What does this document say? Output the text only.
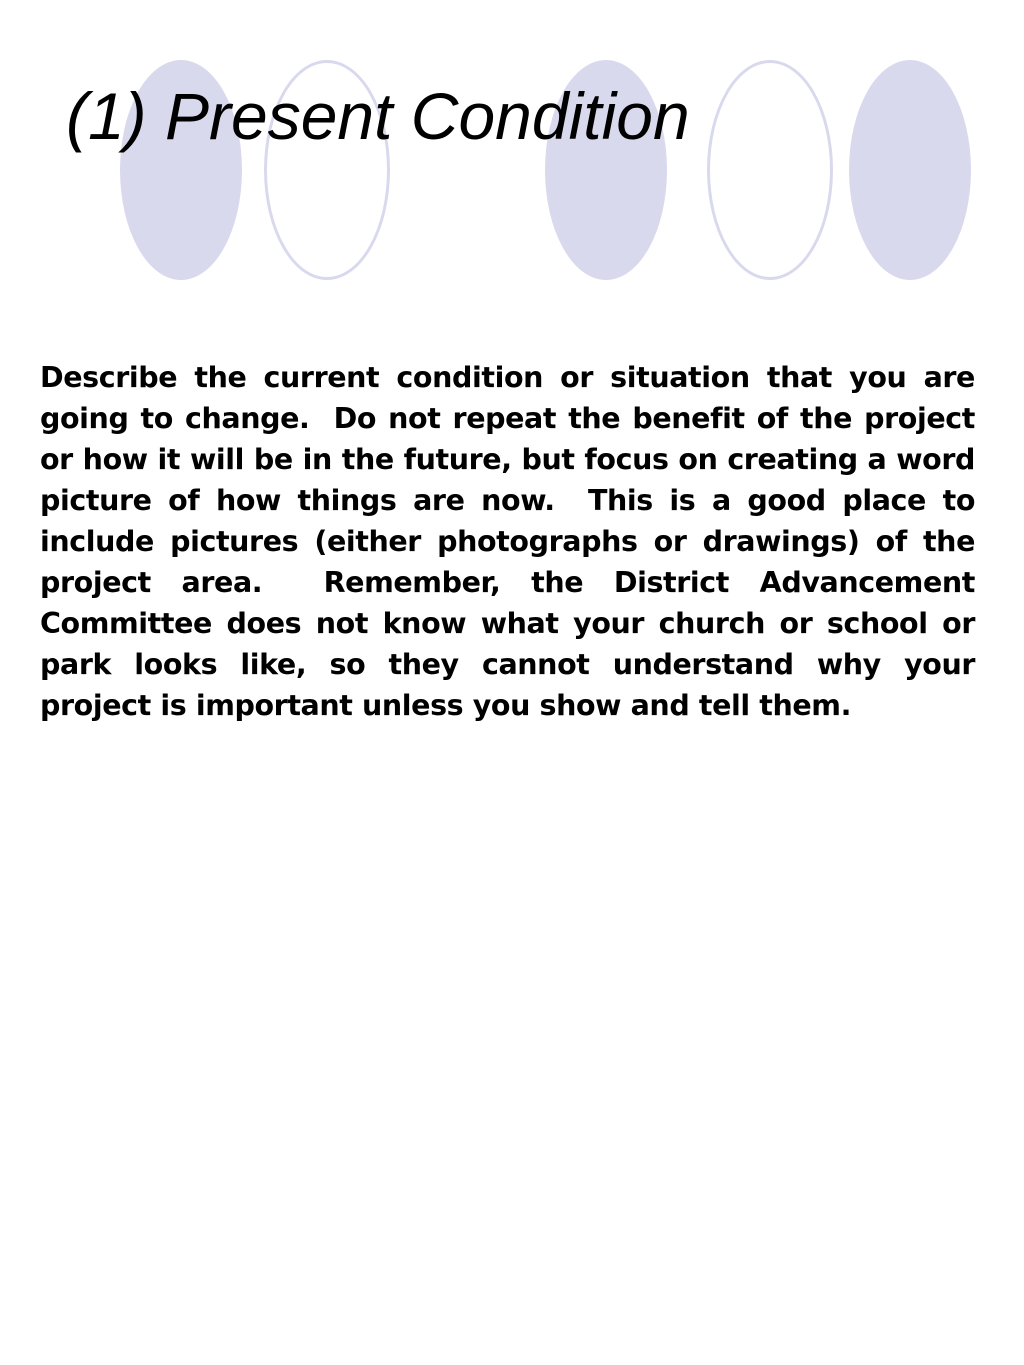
(1) Present Condition

Describe the current condition or situation that you are going to change.  Do not repeat the benefit of the project or how it will be in the future, but focus on creating a word picture of how things are now.  This is a good place to include pictures (either photographs or drawings) of the project area.  Remember, the District Advancement Committee does not know what your church or school or park looks like, so they cannot understand why your project is important unless you show and tell them.
